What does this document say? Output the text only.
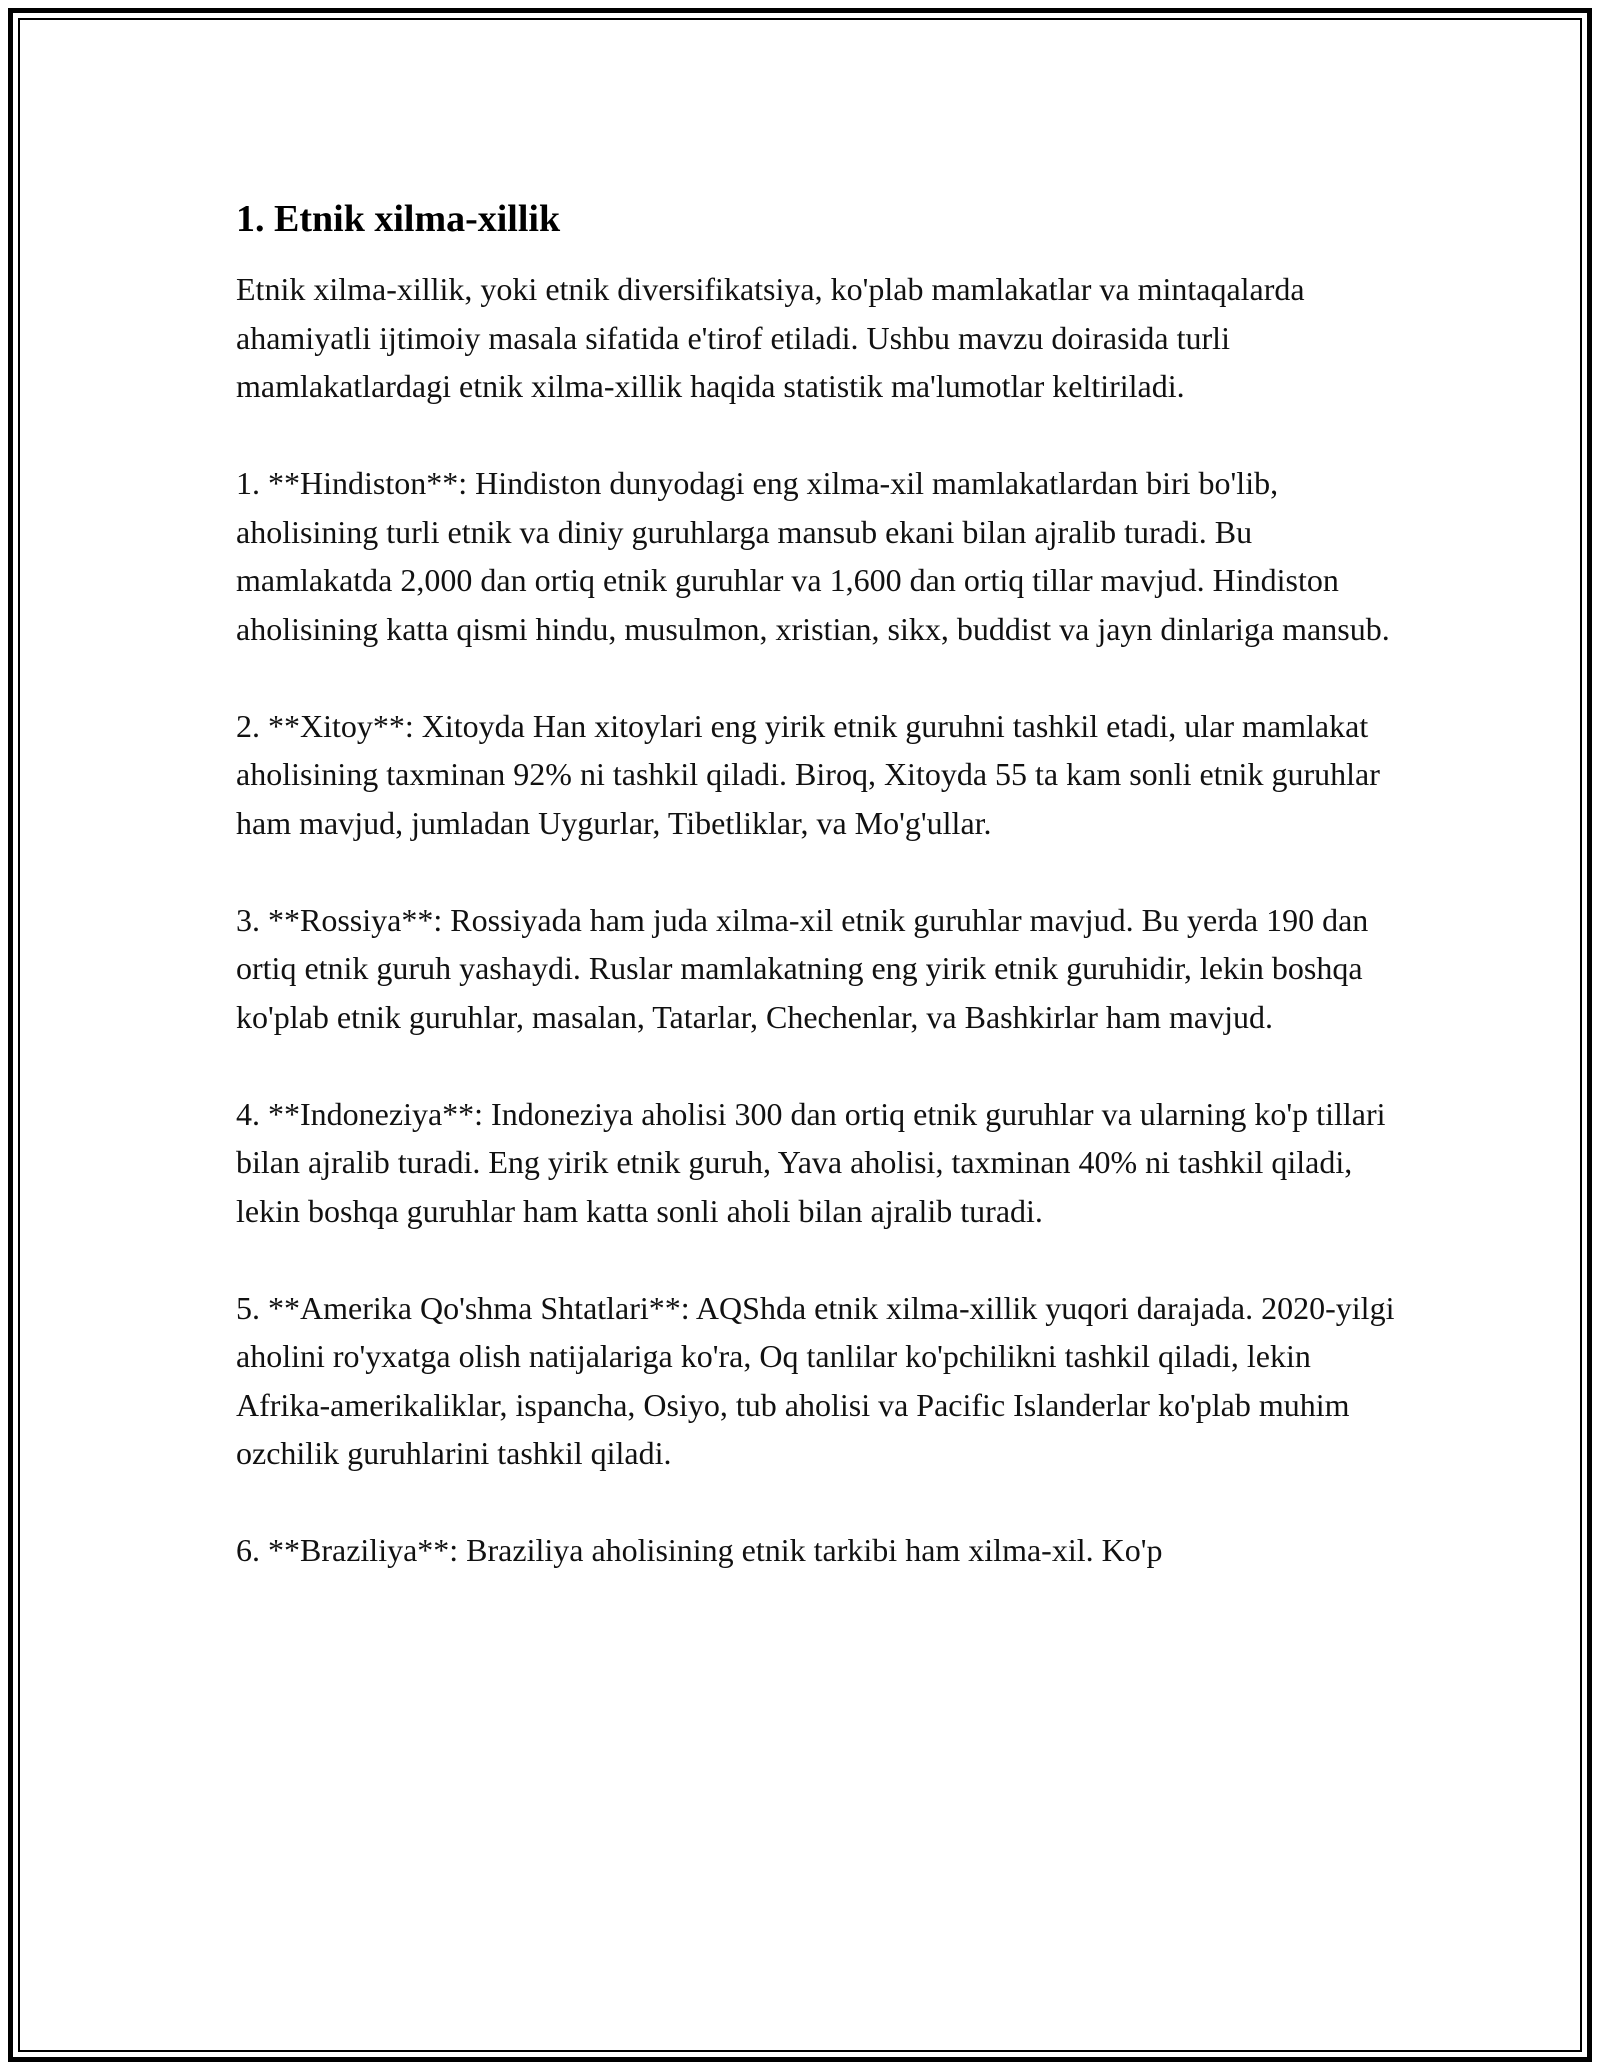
1. Etnik xilma-xillik

Etnik xilma-xillik, yoki etnik diversifikatsiya, ko'plab mamlakatlar va mintaqalarda ahamiyatli ijtimoiy masala sifatida e'tirof etiladi. Ushbu mavzu doirasida turli mamlakatlardagi etnik xilma-xillik haqida statistik ma'lumotlar keltiriladi.

1. **Hindiston**: Hindiston dunyodagi eng xilma-xil mamlakatlardan biri bo'lib, aholisining turli etnik va diniy guruhlarga mansub ekani bilan ajralib turadi. Bu mamlakatda 2,000 dan ortiq etnik guruhlar va 1,600 dan ortiq tillar mavjud. Hindiston aholisining katta qismi hindu, musulmon, xristian, sikx, buddist va jayn dinlariga mansub.

2. **Xitoy**: Xitoyda Han xitoylari eng yirik etnik guruhni tashkil etadi, ular mamlakat aholisining taxminan 92% ni tashkil qiladi. Biroq, Xitoyda 55 ta kam sonli etnik guruhlar ham mavjud, jumladan Uygurlar, Tibetliklar, va Mo'g'ullar.

3. **Rossiya**: Rossiyada ham juda xilma-xil etnik guruhlar mavjud. Bu yerda 190 dan ortiq etnik guruh yashaydi. Ruslar mamlakatning eng yirik etnik guruhidir, lekin boshqa ko'plab etnik guruhlar, masalan, Tatarlar, Chechenlar, va Bashkirlar ham mavjud.

4. **Indoneziya**: Indoneziya aholisi 300 dan ortiq etnik guruhlar va ularning ko'p tillari bilan ajralib turadi. Eng yirik etnik guruh, Yava aholisi, taxminan 40% ni tashkil qiladi, lekin boshqa guruhlar ham katta sonli aholi bilan ajralib turadi.

5. **Amerika Qo'shma Shtatlari**: AQShda etnik xilma-xillik yuqori darajada. 2020-yilgi aholini ro'yxatga olish natijalariga ko'ra, Oq tanlilar ko'pchilikni tashkil qiladi, lekin Afrika-amerikaliklar, ispancha, Osiyo, tub aholisi va Pacific Islanderlar ko'plab muhim ozchilik guruhlarini tashkil qiladi.

6. **Braziliya**: Braziliya aholisining etnik tarkibi ham xilma-xil. Ko'p
